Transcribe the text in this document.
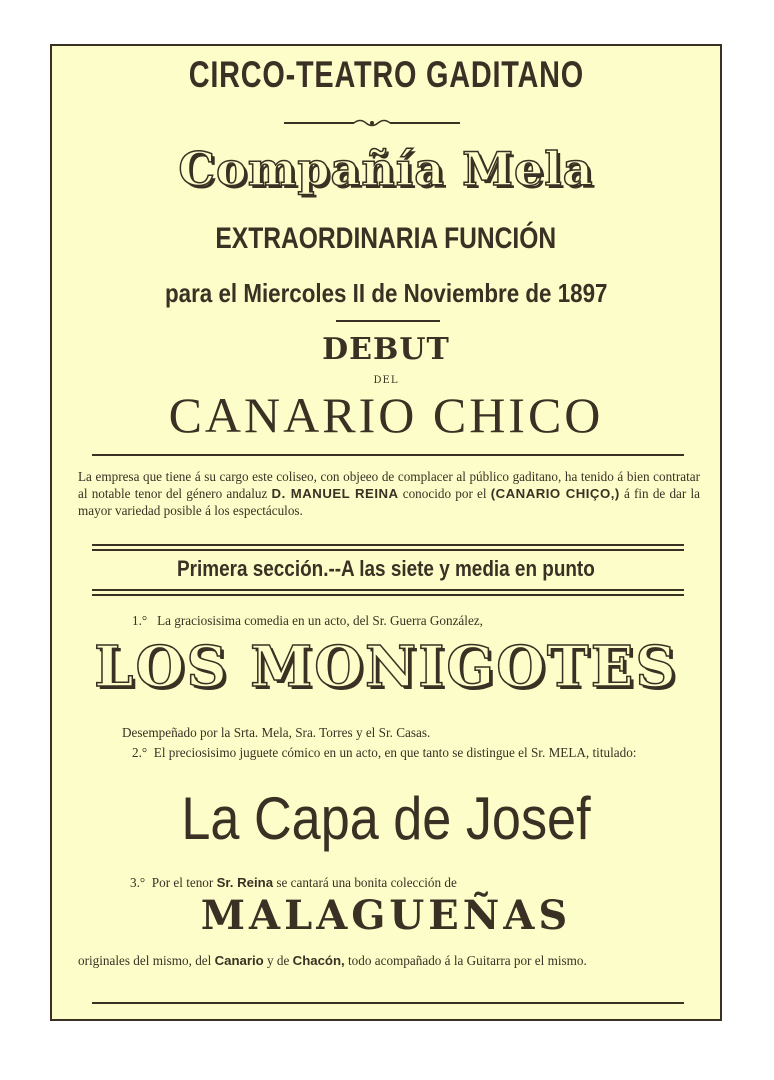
CIRCO-TEATRO GADITANO
Compañía Mela
EXTRAORDINARIA FUNCIÓN
para el Miercoles II de Noviembre de 1897
DEBUT
DEL
CANARIO CHICO
La empresa que tiene á su cargo este coliseo, con objeeo de complacer al público gaditano, ha tenido á bien contratar al notable tenor del género andaluz D. MANUEL REINA conocido por el (CANARIO CHIÇO,) á fin de dar la mayor variedad posible á los espectáculos.
Primera sección.--A las siete y media en punto
1.° La graciosisima comedia en un acto, del Sr. Guerra González,
LOS MONIGOTES
Desempeñado por la Srta. Mela, Sra. Torres y el Sr. Casas.
2.° El preciosisimo juguete cómico en un acto, en que tanto se distingue el Sr. MELA, titulado:
La Capa de Josef
3.° Por el tenor Sr. Reina se cantará una bonita colección de
MALAGUEÑAS
originales del mismo, del Canario y de Chacón, todo acompañado á la Guitarra por el mismo.
